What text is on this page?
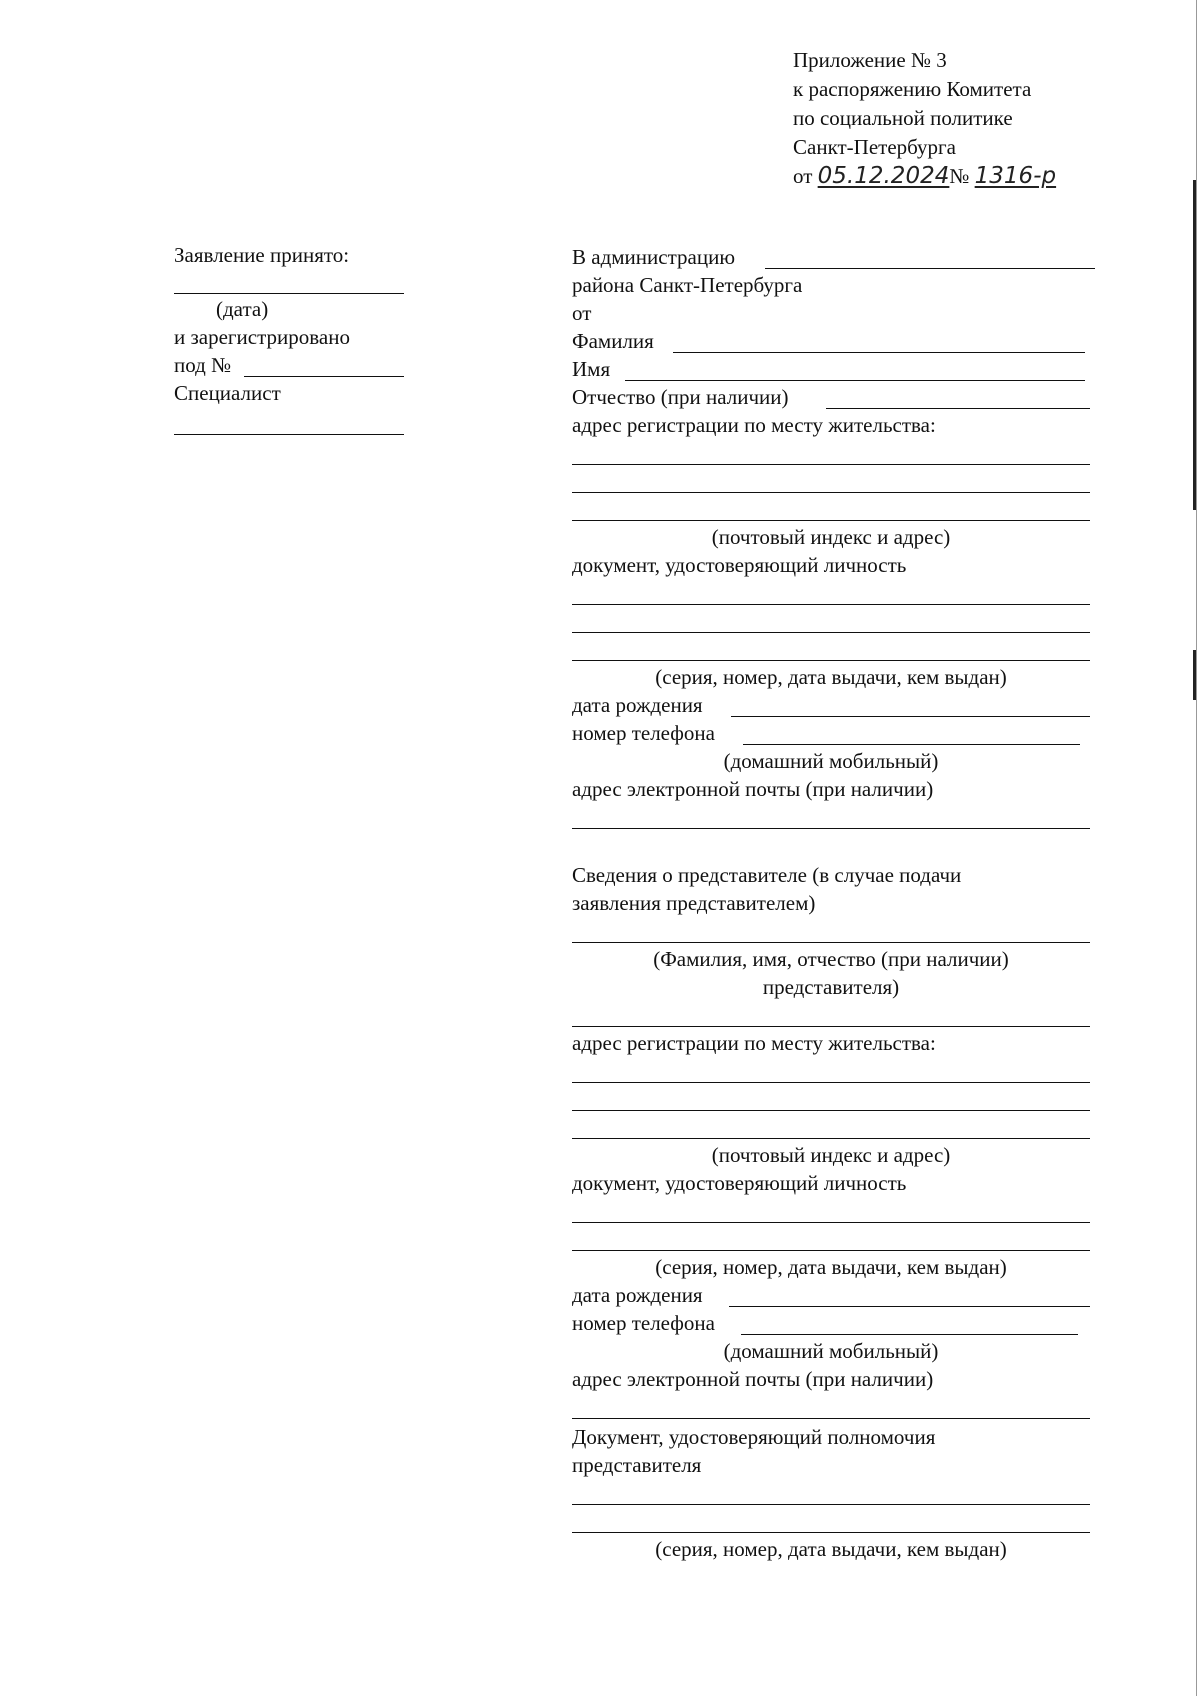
Приложение № 3
к распоряжению Комитета
по социальной политике
Санкт-Петербурга
от 05.12.2024№ 1316-р
Заявление принято:
(дата)
и зарегистрировано
под №
Специалист
В администрацию
района Санкт-Петербурга
от
Фамилия
Имя
Отчество (при наличии)
адрес регистрации по месту жительства:
(почтовый индекс и адрес)
документ, удостоверяющий личность
(серия, номер, дата выдачи, кем выдан)
дата рождения
номер телефона
(домашний мобильный)
адрес электронной почты (при наличии)
Сведения о представителе (в случае подачи
заявления представителем)
(Фамилия, имя, отчество (при наличии)
представителя)
адрес регистрации по месту жительства:
(почтовый индекс и адрес)
документ, удостоверяющий личность
(серия, номер, дата выдачи, кем выдан)
дата рождения
номер телефона
(домашний мобильный)
адрес электронной почты (при наличии)
Документ, удостоверяющий полномочия
представителя
(серия, номер, дата выдачи, кем выдан)
